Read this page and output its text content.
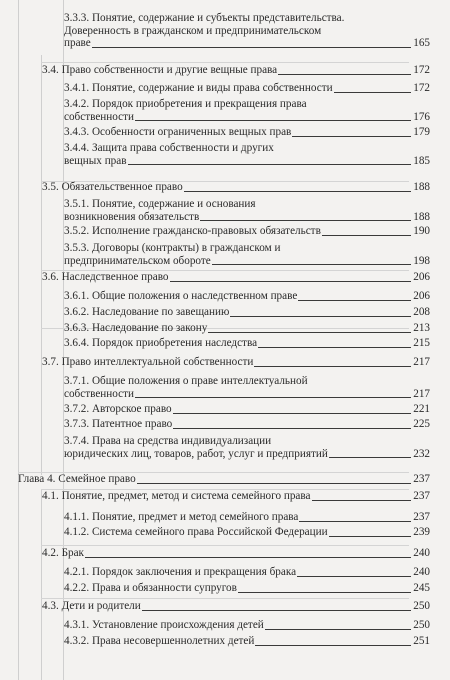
3.3.3. Понятие, содержание и субъекты представительства.
Доверенность в гражданском и предпринимательском
праве	165
3.4. Право собственности и другие вещные права	172
3.4.1. Понятие, содержание и виды права собственности	172
3.4.2. Порядок приобретения и прекращения права
собственности	176
3.4.3. Особенности ограниченных вещных прав	179
3.4.4. Защита права собственности и других
вещных прав	185
3.5. Обязательственное право	188
3.5.1. Понятие, содержание и основания
возникновения обязательств	188
3.5.2. Исполнение гражданско-правовых обязательств	190
3.5.3. Договоры (контракты) в гражданском и
предпринимательском обороте	198
3.6. Наследственное право	206
3.6.1. Общие положения о наследственном праве	206
3.6.2. Наследование по завещанию	208
3.6.3. Наследование по закону	213
3.6.4. Порядок приобретения наследства	215
3.7. Право интеллектуальной собственности	217
3.7.1. Общие положения о праве интеллектуальной
собственности	217
3.7.2. Авторское право	221
3.7.3. Патентное право	225
3.7.4. Права на средства индивидуализации
юридических лиц, товаров, работ, услуг и предприятий	232
Глава 4. Семейное право	237
4.1. Понятие, предмет, метод и система семейного права	237
4.1.1. Понятие, предмет и метод семейного права	237
4.1.2. Система семейного права Российской Федерации	239
4.2. Брак	240
4.2.1. Порядок заключения и прекращения брака	240
4.2.2. Права и обязанности супругов	245
4.3. Дети и родители	250
4.3.1. Установление происхождения детей	250
4.3.2. Права несовершеннолетних детей	251
